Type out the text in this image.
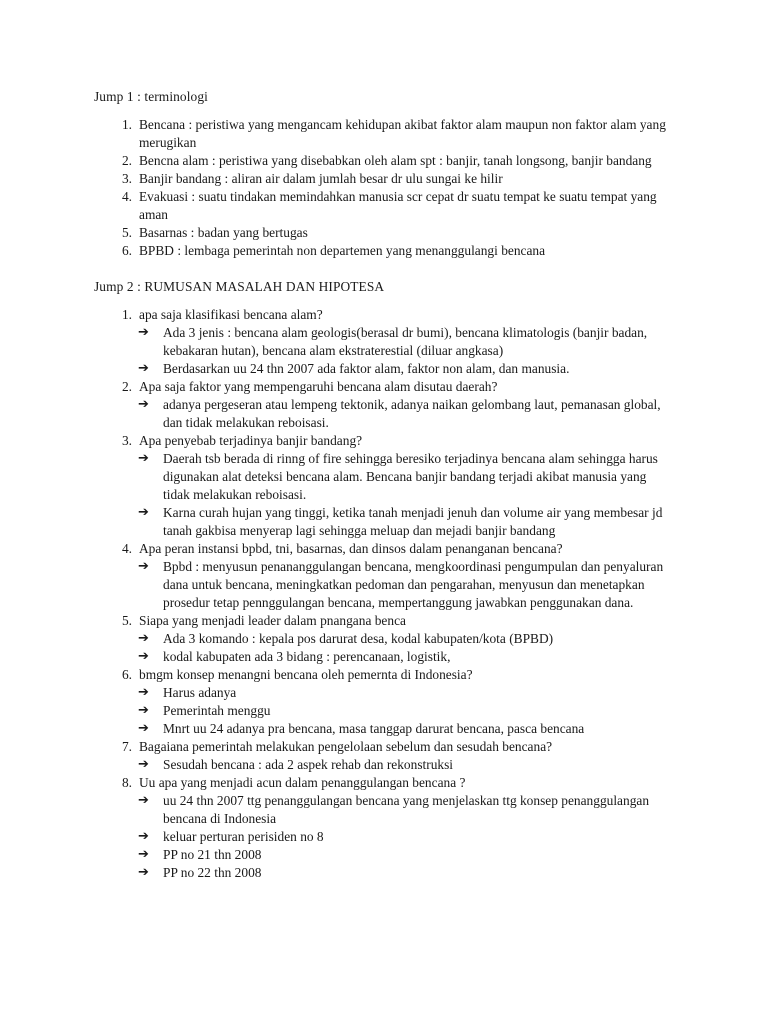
Jump 1 : terminologi
1. Bencana : peristiwa yang mengancam kehidupan akibat faktor alam maupun non faktor alam yang merugikan
2. Bencna alam : peristiwa yang disebabkan oleh alam spt : banjir, tanah longsong, banjir bandang
3. Banjir bandang : aliran air dalam jumlah besar dr ulu sungai ke hilir
4. Evakuasi : suatu tindakan memindahkan manusia scr cepat dr suatu tempat ke suatu tempat yang aman
5. Basarnas : badan yang bertugas
6. BPBD : lembaga pemerintah non departemen yang menanggulangi bencana
Jump 2 : RUMUSAN MASALAH DAN HIPOTESA
1. apa saja klasifikasi bencana alam?
➔ Ada 3 jenis : bencana alam geologis(berasal dr bumi), bencana klimatologis (banjir badan, kebakaran hutan), bencana alam ekstraterestial (diluar angkasa)
➔ Berdasarkan uu 24 thn 2007 ada faktor alam, faktor non alam, dan manusia.
2. Apa saja faktor yang mempengaruhi bencana alam disutau daerah?
➔ adanya pergeseran atau lempeng tektonik, adanya naikan gelombang laut, pemanasan global, dan tidak melakukan reboisasi.
3. Apa penyebab terjadinya banjir bandang?
➔ Daerah tsb berada di rinng of fire sehingga beresiko terjadinya bencana alam sehingga harus digunakan alat deteksi bencana alam. Bencana banjir bandang terjadi akibat manusia yang tidak melakukan reboisasi.
➔ Karna curah hujan yang tinggi, ketika tanah menjadi jenuh dan volume air yang membesar jd tanah gakbisa menyerap lagi sehingga meluap dan mejadi banjir bandang
4. Apa peran instansi bpbd, tni, basarnas, dan dinsos dalam penanganan bencana?
➔ Bpbd : menyusun penananggulangan bencana, mengkoordinasi pengumpulan dan penyaluran dana untuk bencana, meningkatkan pedoman dan pengarahan, menyusun dan menetapkan prosedur tetap pennggulangan bencana, mempertanggung jawabkan penggunakan dana.
5. Siapa yang menjadi leader dalam pnangana benca
➔ Ada 3 komando : kepala pos darurat desa, kodal kabupaten/kota (BPBD)
➔ kodal kabupaten ada 3 bidang : perencanaan, logistik,
6. bmgm konsep menangni bencana oleh pemernta di Indonesia?
➔ Harus adanya
➔ Pemerintah menggu
➔ Mnrt uu 24 adanya pra bencana, masa tanggap darurat bencana, pasca bencana
7. Bagaiana pemerintah melakukan pengelolaan sebelum dan sesudah bencana?
➔ Sesudah bencana : ada 2 aspek rehab dan rekonstruksi
8. Uu apa yang menjadi acun dalam penanggulangan bencana ?
➔ uu 24 thn 2007 ttg penanggulangan bencana yang menjelaskan ttg konsep penanggulangan bencana di Indonesia
➔ keluar perturan perisiden no 8
➔ PP no 21 thn 2008
➔ PP no 22 thn 2008
